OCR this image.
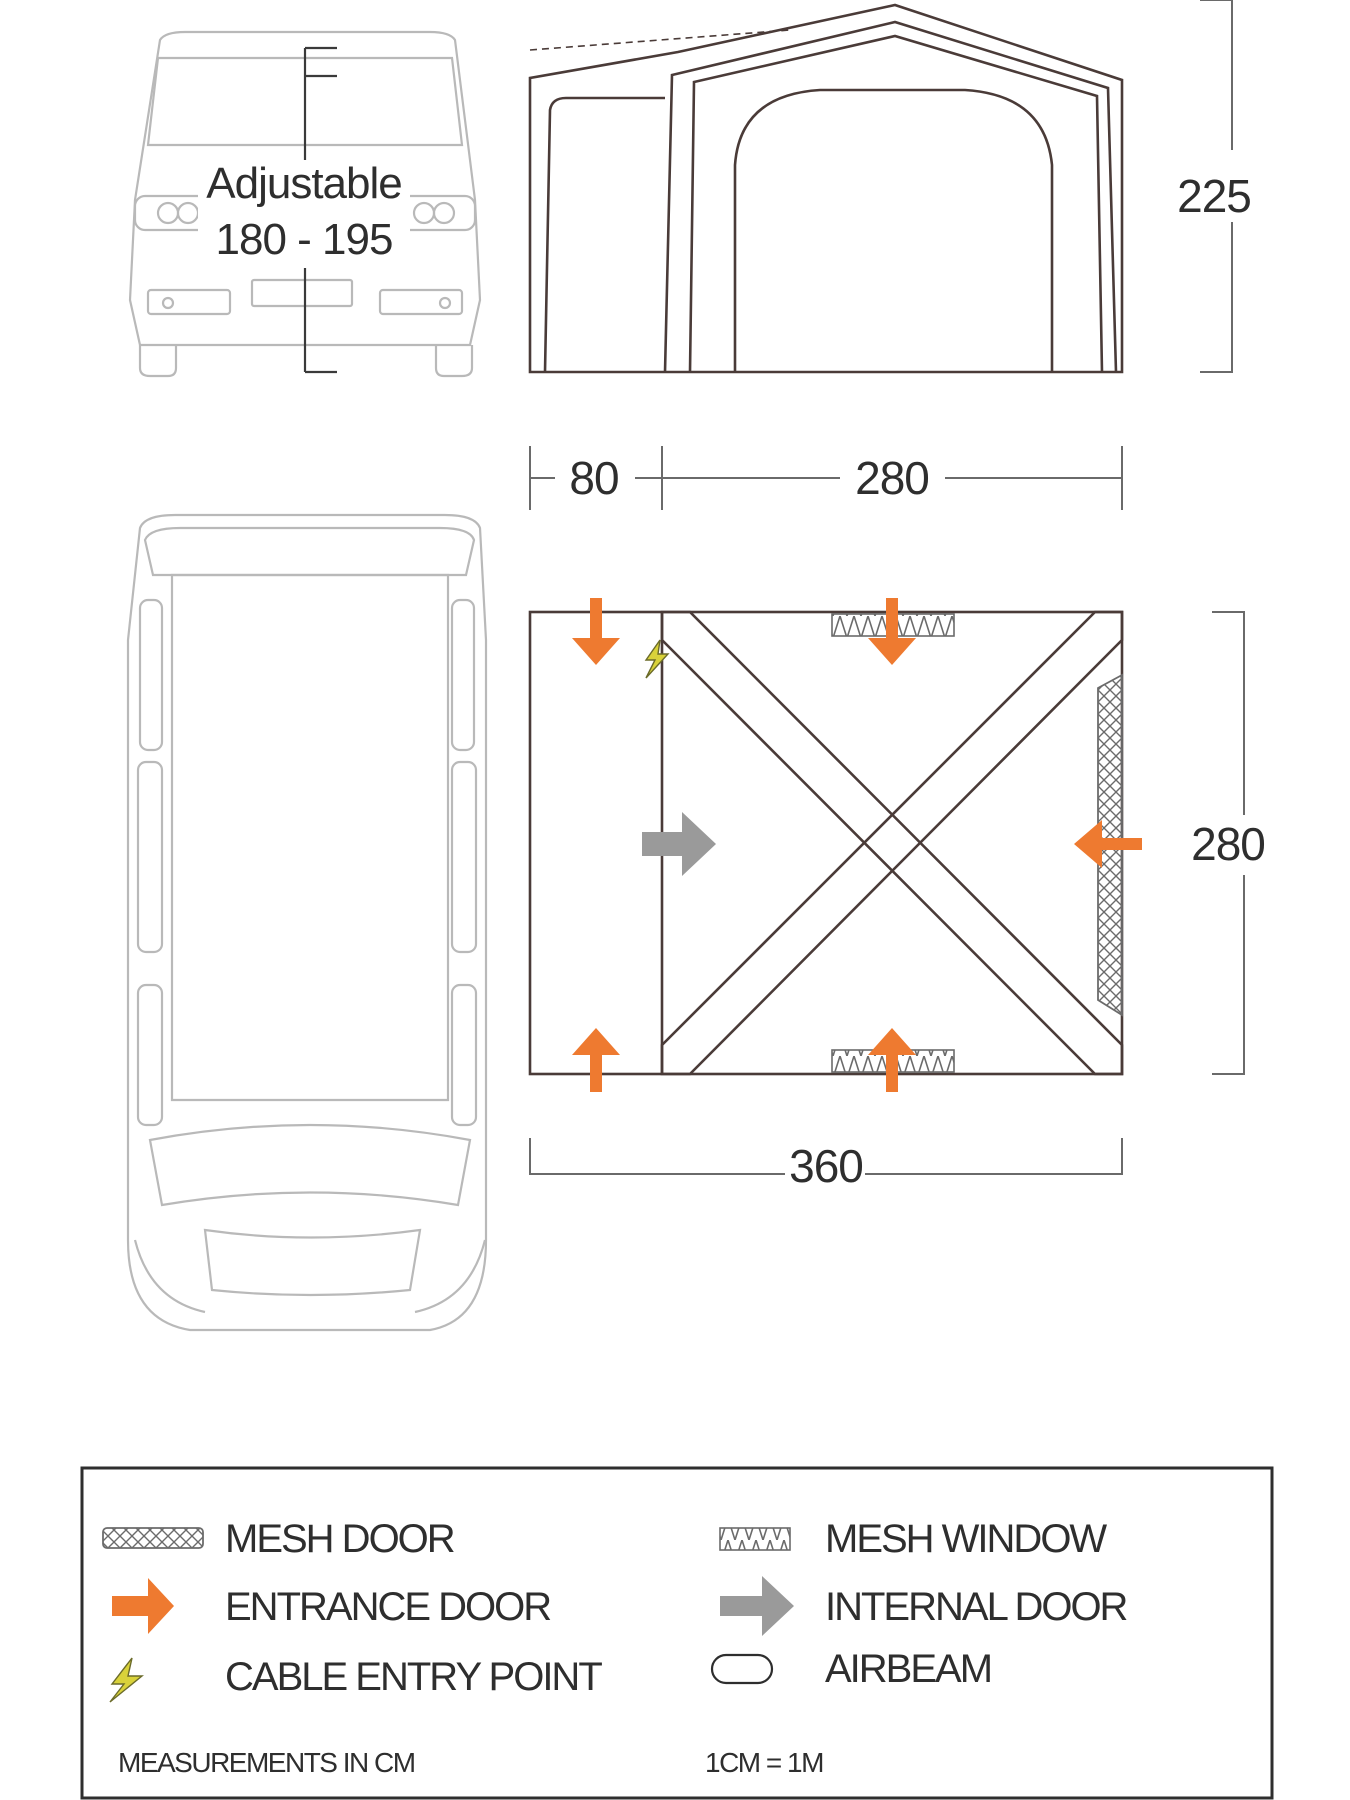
Adjustable
180 - 195
225
80	280
280
360
MESH DOOR	MESH WINDOW
ENTRANCE DOOR	INTERNAL DOOR
CABLE ENTRY POINT	AIRBEAM
MEASUREMENTS IN CM	1CM = 1M
